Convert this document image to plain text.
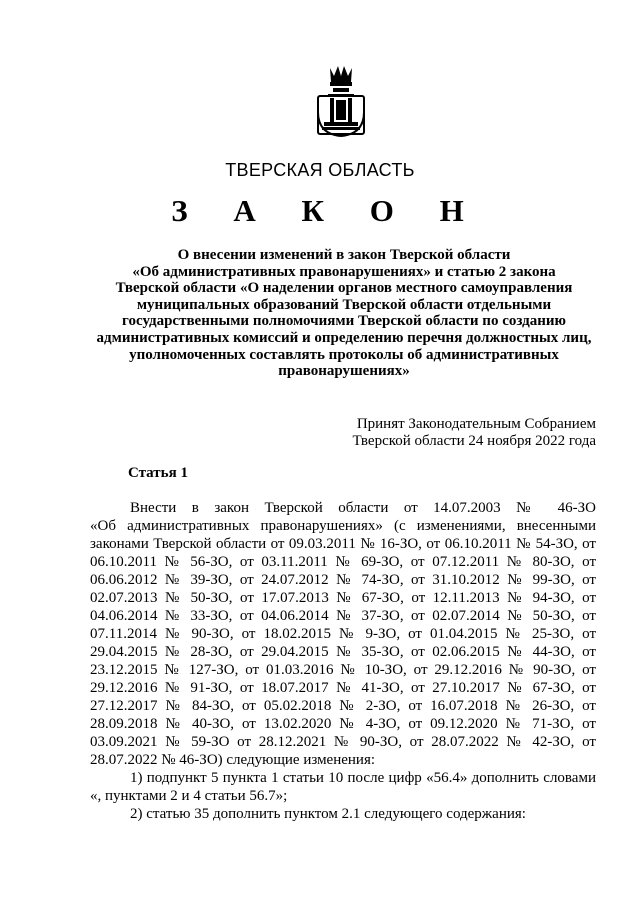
ТВЕРСКАЯ ОБЛАСТЬ
З А К О Н
О внесении изменений в закон Тверской области
«Об административных правонарушениях» и статью 2 закона
Тверской области «О наделении органов местного самоуправления
муниципальных образований Тверской области отдельными
государственными полномочиями Тверской области по созданию
административных комиссий и определению перечня должностных лиц,
уполномоченных составлять протоколы об административных
правонарушениях»
Принят Законодательным Собранием
Тверской области 24 ноября 2022 года
Статья 1
Внести в закон Тверской области от 14.07.2003 № 46-ЗО
«Об административных правонарушениях» (с изменениями, внесенными
законами Тверской области от 09.03.2011 № 16-ЗО, от 06.10.2011 № 54-ЗО, от
06.10.2011 № 56-ЗО, от 03.11.2011 № 69-ЗО, от 07.12.2011 № 80-ЗО, от
06.06.2012 № 39-ЗО, от 24.07.2012 № 74-ЗО, от 31.10.2012 № 99-ЗО, от
02.07.2013 № 50-ЗО, от 17.07.2013 № 67-ЗО, от 12.11.2013 № 94-ЗО, от
04.06.2014 № 33-ЗО, от 04.06.2014 № 37-ЗО, от 02.07.2014 № 50-ЗО, от
07.11.2014 № 90-ЗО, от 18.02.2015 № 9-ЗО, от 01.04.2015 № 25-ЗО, от
29.04.2015 № 28-ЗО, от 29.04.2015 № 35-ЗО, от 02.06.2015 № 44-ЗО, от
23.12.2015 № 127-ЗО, от 01.03.2016 № 10-ЗО, от 29.12.2016 № 90-ЗО, от
29.12.2016 № 91-ЗО, от 18.07.2017 № 41-ЗО, от 27.10.2017 № 67-ЗО, от
27.12.2017 № 84-ЗО, от 05.02.2018 № 2-ЗО, от 16.07.2018 № 26-ЗО, от
28.09.2018 № 40-ЗО, от 13.02.2020 № 4-ЗО, от 09.12.2020 № 71-ЗО, от
03.09.2021 № 59-ЗО от 28.12.2021 № 90-ЗО, от 28.07.2022 № 42-ЗО, от
28.07.2022 № 46-ЗО) следующие изменения:
1) подпункт 5 пункта 1 статьи 10 после цифр «56.4» дополнить словами
«, пунктами 2 и 4 статьи 56.7»;
2) статью 35 дополнить пунктом 2.1 следующего содержания:
